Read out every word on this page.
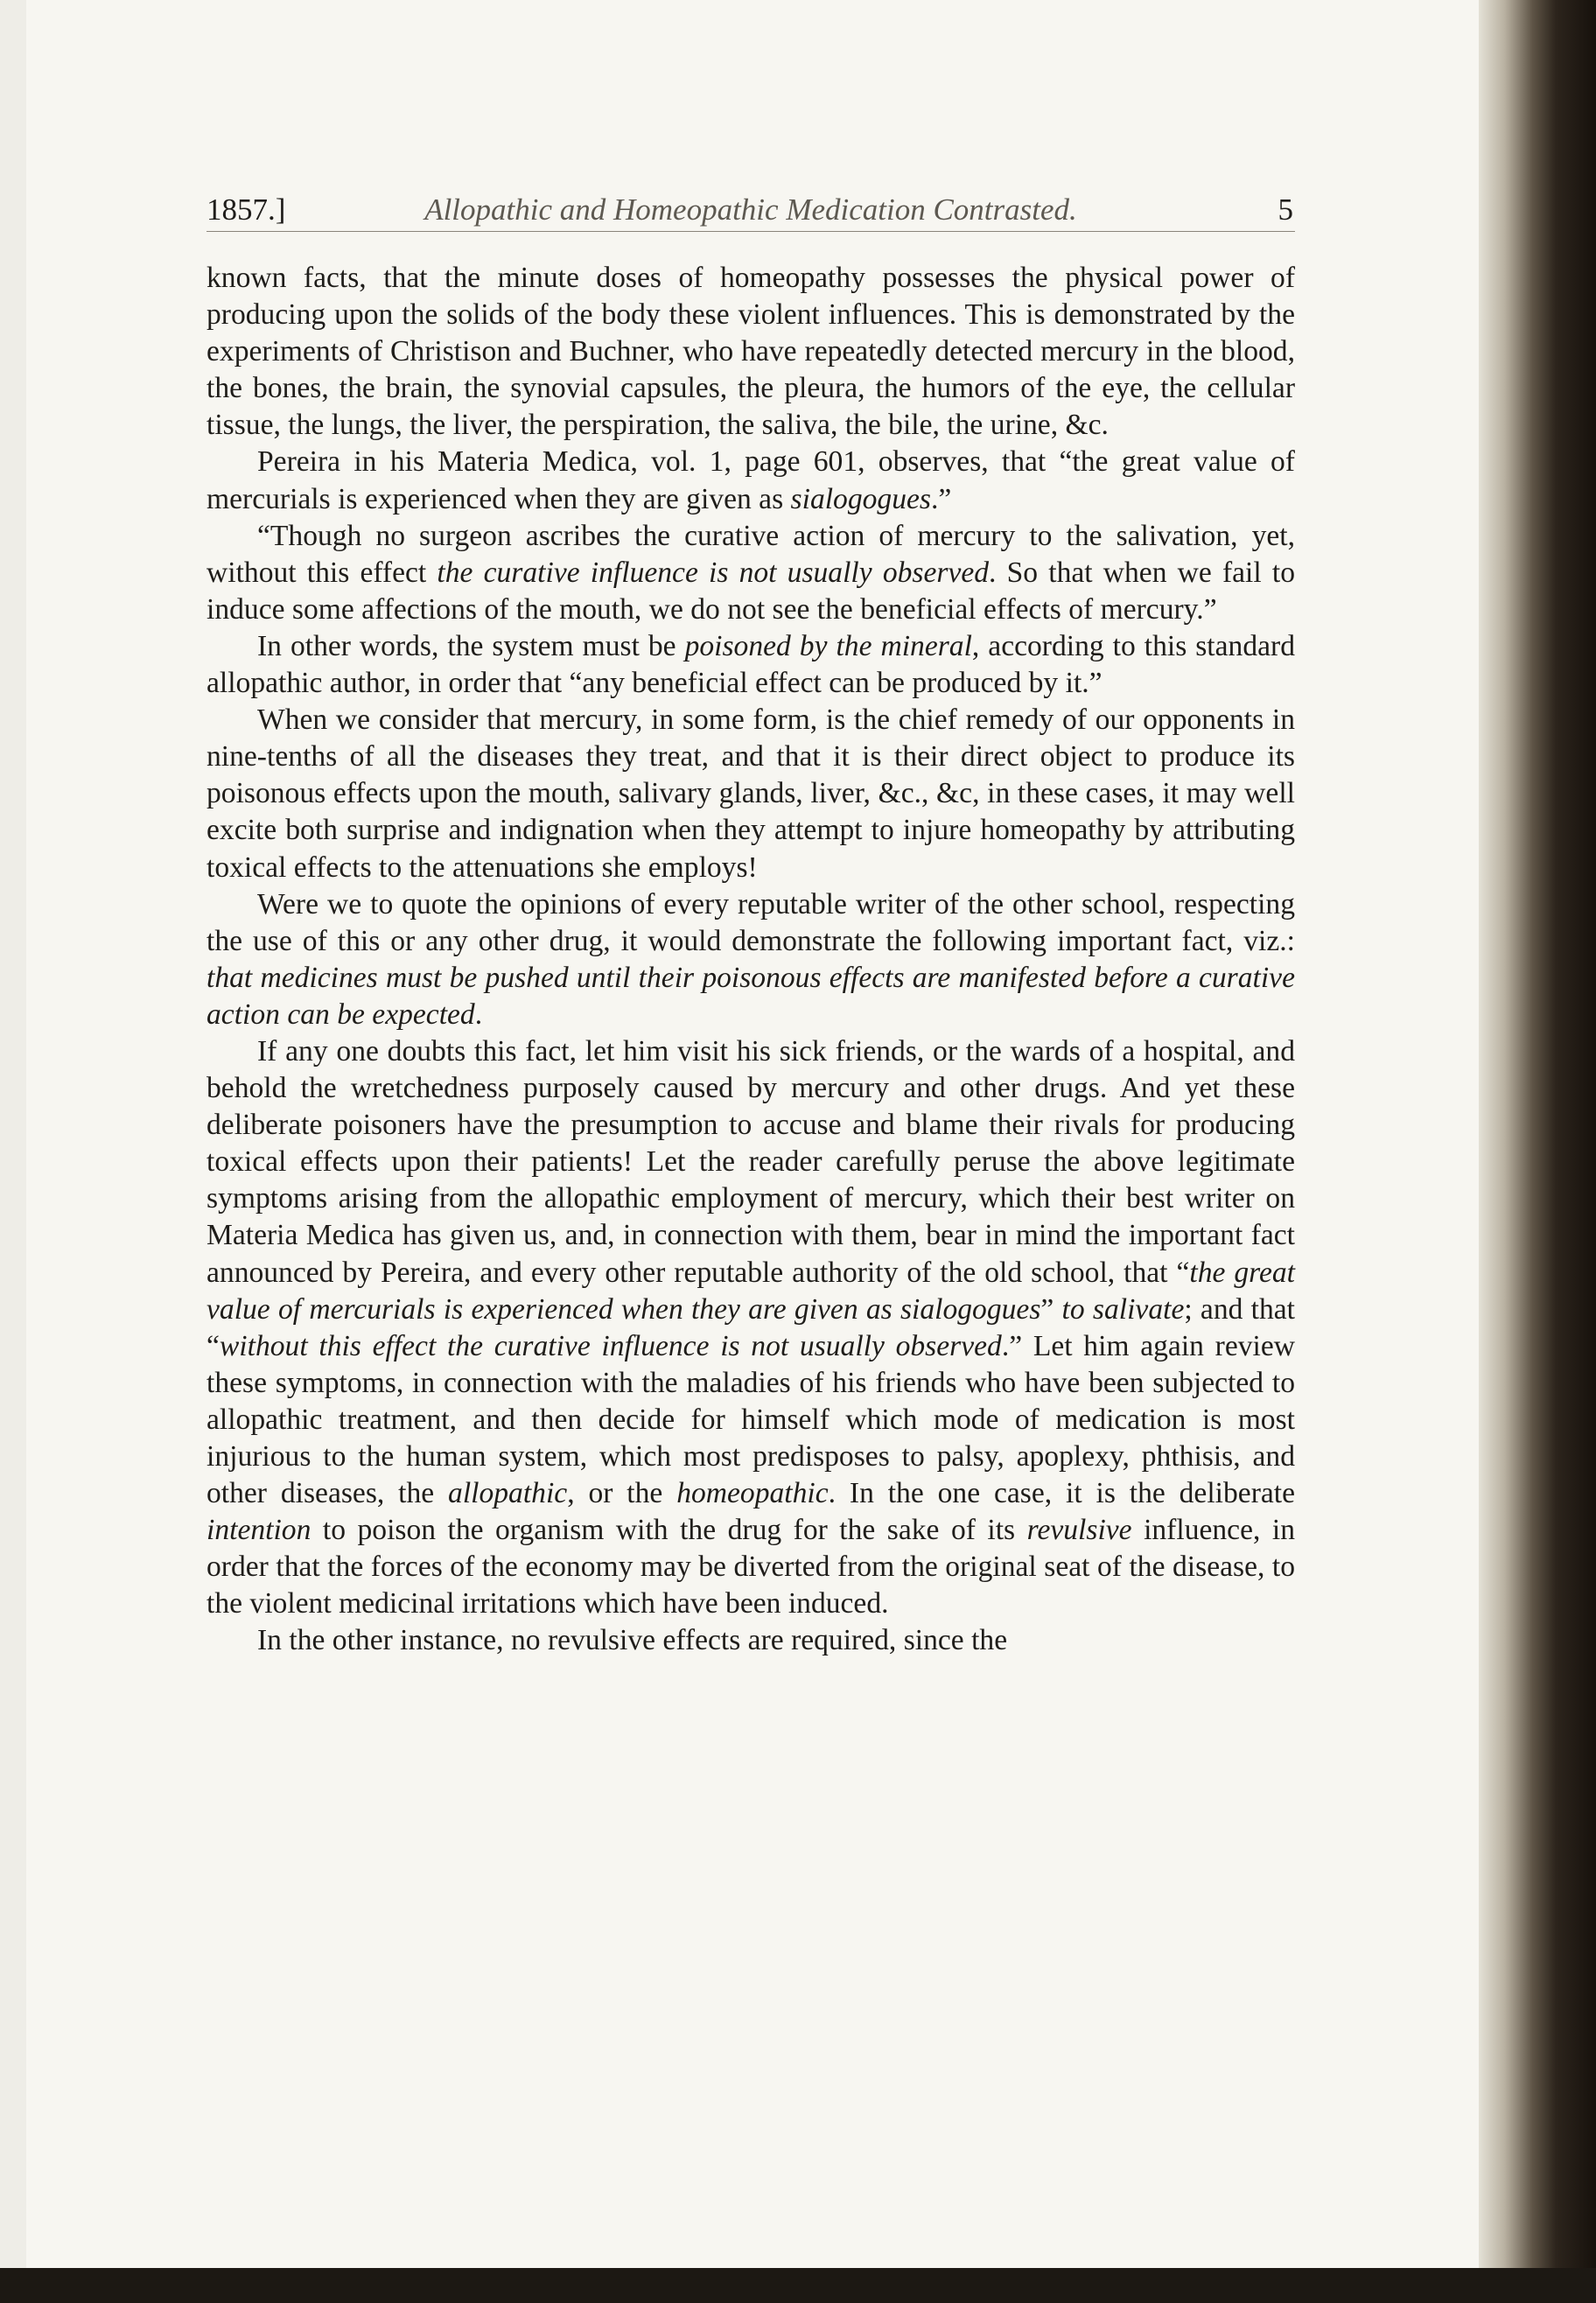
1857.]	Allopathic and Homeopathic Medication Contrasted.	5

known facts, that the minute doses of homeopathy possesses the physical power of producing upon the solids of the body these violent influences. This is demonstrated by the experiments of Christison and Buchner, who have repeatedly detected mercury in the blood, the bones, the brain, the synovial capsules, the pleura, the humors of the eye, the cellular tissue, the lungs, the liver, the perspiration, the saliva, the bile, the urine, &c.

Pereira in his Materia Medica, vol. 1, page 601, observes, that “the great value of mercurials is experienced when they are given as sialogogues.”

“Though no surgeon ascribes the curative action of mercury to the salivation, yet, without this effect the curative influence is not usually observed. So that when we fail to induce some affections of the mouth, we do not see the beneficial effects of mercury.”

In other words, the system must be poisoned by the mineral, according to this standard allopathic author, in order that “any beneficial effect can be produced by it.”

When we consider that mercury, in some form, is the chief remedy of our opponents in nine-tenths of all the diseases they treat, and that it is their direct object to produce its poisonous effects upon the mouth, salivary glands, liver, &c., &c, in these cases, it may well excite both surprise and indignation when they attempt to injure homeopathy by attributing toxical effects to the attenuations she employs!

Were we to quote the opinions of every reputable writer of the other school, respecting the use of this or any other drug, it would demonstrate the following important fact, viz.: that medicines must be pushed until their poisonous effects are manifested before a curative action can be expected.

If any one doubts this fact, let him visit his sick friends, or the wards of a hospital, and behold the wretchedness purposely caused by mercury and other drugs. And yet these deliberate poisoners have the presumption to accuse and blame their rivals for producing toxical effects upon their patients! Let the reader carefully peruse the above legitimate symptoms arising from the allopathic employment of mercury, which their best writer on Materia Medica has given us, and, in connection with them, bear in mind the important fact announced by Pereira, and every other reputable authority of the old school, that “the great value of mercurials is experienced when they are given as sialogogues” to salivate; and that “without this effect the curative influence is not usually observed.” Let him again review these symptoms, in connection with the maladies of his friends who have been subjected to allopathic treatment, and then decide for himself which mode of medication is most injurious to the human system, which most predisposes to palsy, apoplexy, phthisis, and other diseases, the allopathic, or the homeopathic. In the one case, it is the deliberate intention to poison the organism with the drug for the sake of its revulsive influence, in order that the forces of the economy may be diverted from the original seat of the disease, to the violent medicinal irritations which have been induced.

In the other instance, no revulsive effects are required, since the
